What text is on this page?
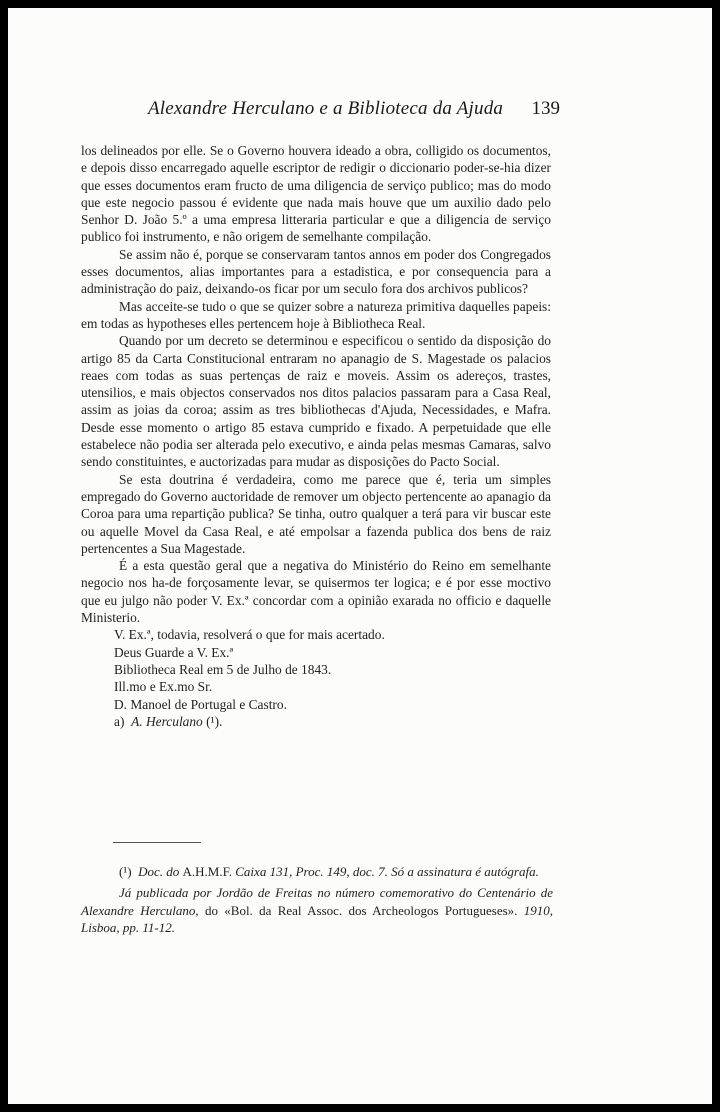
Alexandre Herculano e a Biblioteca da Ajuda 139

los delineados por elle. Se o Governo houvera ideado a obra, colligido os documentos, e depois disso encarregado aquelle escriptor de redigir o diccionario poder-se-hia dizer que esses documentos eram fructo de uma diligencia de serviço publico; mas do modo que este negocio passou é evidente que nada mais houve que um auxilio dado pelo Senhor D. João 5.º a uma empresa litteraria particular e que a diligencia de serviço publico foi instrumento, e não origem de semelhante compilação.

Se assim não é, porque se conservaram tantos annos em poder dos Congregados esses documentos, alias importantes para a estadistica, e por consequencia para a administração do paiz, deixando-os ficar por um seculo fora dos archivos publicos?

Mas acceite-se tudo o que se quizer sobre a natureza primitiva daquelles papeis: em todas as hypotheses elles pertencem hoje à Bibliotheca Real.

Quando por um decreto se determinou e especificou o sentido da disposição do artigo 85 da Carta Constitucional entraram no apanagio de S. Magestade os palacios reaes com todas as suas pertenças de raiz e moveis. Assim os adereços, trastes, utensilios, e mais objectos conservados nos ditos palacios passaram para a Casa Real, assim as joias da coroa; assim as tres bibliothecas d'Ajuda, Necessidades, e Mafra. Desde esse momento o artigo 85 estava cumprido e fixado. A perpetuidade que elle estabelece não podia ser alterada pelo executivo, e ainda pelas mesmas Camaras, salvo sendo constituintes, e auctorizadas para mudar as disposições do Pacto Social.

Se esta doutrina é verdadeira, como me parece que é, teria um simples empregado do Governo auctoridade de remover um objecto pertencente ao apanagio da Coroa para uma repartição publica? Se tinha, outro qualquer a terá para vir buscar este ou aquelle Movel da Casa Real, e até empolsar a fazenda publica dos bens de raiz pertencentes a Sua Magestade.

É a esta questão geral que a negativa do Ministério do Reino em semelhante negocio nos ha-de forçosamente levar, se quisermos ter logica; e é por esse moctivo que eu julgo não poder V. Ex.ª concordar com a opinião exarada no officio e daquelle Ministerio.

V. Ex.ª, todavia, resolverá o que for mais acertado.

Deus Guarde a V. Ex.ª

Bibliotheca Real em 5 de Julho de 1843.

Ill.mo e Ex.mo Sr.

D. Manoel de Portugal e Castro.

a) A. Herculano (¹).

(¹) Doc. do A.H.M.F. Caixa 131, Proc. 149, doc. 7. Só a assinatura é autógrafa.

Já publicada por Jordão de Freitas no número comemorativo do Centenário de Alexandre Herculano, do «Bol. da Real Assoc. dos Archeologos Portugueses». 1910, Lisboa, pp. 11-12.
